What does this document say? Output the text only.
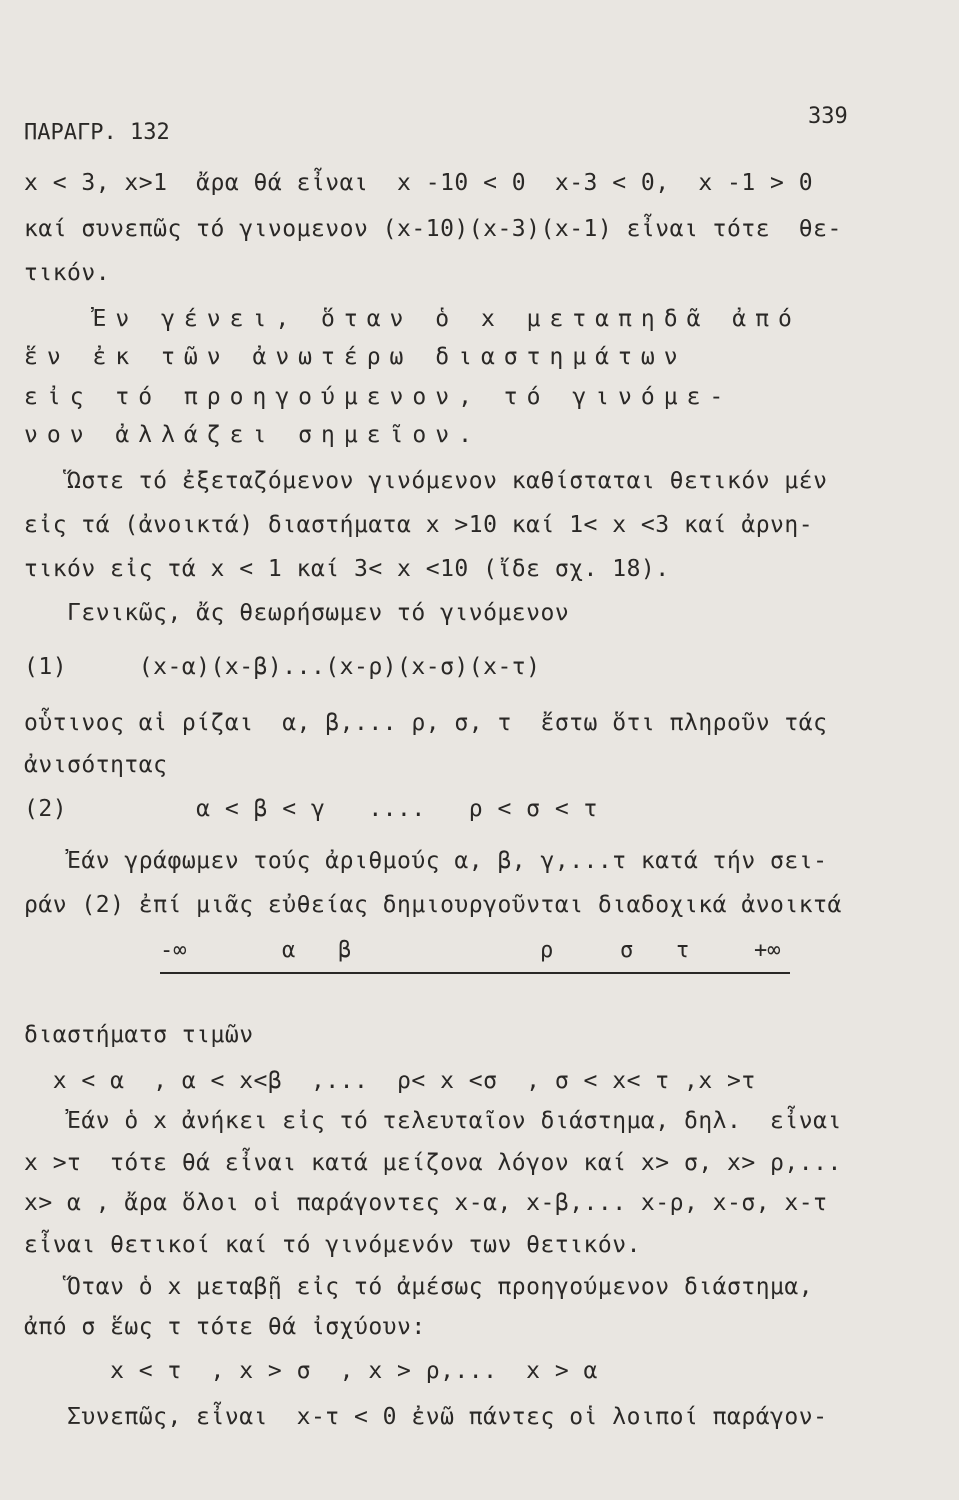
ΠΑΡΑΓΡ. 132
339
x < 3, x>1  ἄρα θά εἶναι  x -10 < 0  x-3 < 0,  x -1 > 0
καί συνεπῶς τό γινομενον (x-10)(x-3)(x-1) εἶναι τότε  θε-
τικόν.
Ἐν γένει, ὅταν ὁ x μεταπηδᾶ ἀπό
ἕν ἐκ τῶν ἀνωτέρω διαστημάτων
εἰς τό προηγούμενον, τό γινόμε-
νον ἀλλάζει σημεῖον.
Ὥστε τό ἐξεταζόμενον γινόμενον καθίσταται θετικόν μέν
εἰς τά (ἀνοικτά) διαστήματα x >10 καί 1< x <3 καί ἀρνη-
τικόν εἰς τά x < 1 καί 3< x <10 (ἴδε σχ. 18).
Γενικῶς, ἄς θεωρήσωμεν τό γινόμενον
(1)     (x-α)(x-β)...(x-ρ)(x-σ)(x-τ)
οὗτινος αἱ ρίζαι  α, β,... ρ, σ, τ  ἔστω ὅτι πληροῦν τάς
ἀνισότητας
(2)         α < β < γ   ....   ρ < σ < τ
Ἐάν γράφωμεν τούς ἀριθμούς α, β, γ,...τ κατά τήν σει-
ράν (2) ἐπί μιᾶς εὐθείας δημιουργοῦνται διαδοχικά ἀνοικτά
-∞	α β	ρ	σ τ	+∞
διαστήματσ τιμῶν
x < α  , α < x<β  ,...  ρ< x <σ  , σ < x< τ ,x >τ
Ἐάν ὁ x ἀνήκει εἰς τό τελευταῖον διάστημα, δηλ.  εἶναι
x >τ  τότε θά εἶναι κατά μείζονα λόγον καί x> σ, x> ρ,...
x> α , ἄρα ὅλοι οἱ παράγοντες x-α, x-β,... x-ρ, x-σ, x-τ
εἶναι θετικοί καί τό γινόμενόν των θετικόν.
Ὅταν ὁ x μεταβῇ εἰς τό ἀμέσως προηγούμενον διάστημα,
ἀπό σ ἕως τ τότε θά ἰσχύουν:
x < τ  , x > σ  , x > ρ,...  x > α
Συνεπῶς, εἶναι  x-τ < 0 ἐνῶ πάντες οἱ λοιποί παράγον-
